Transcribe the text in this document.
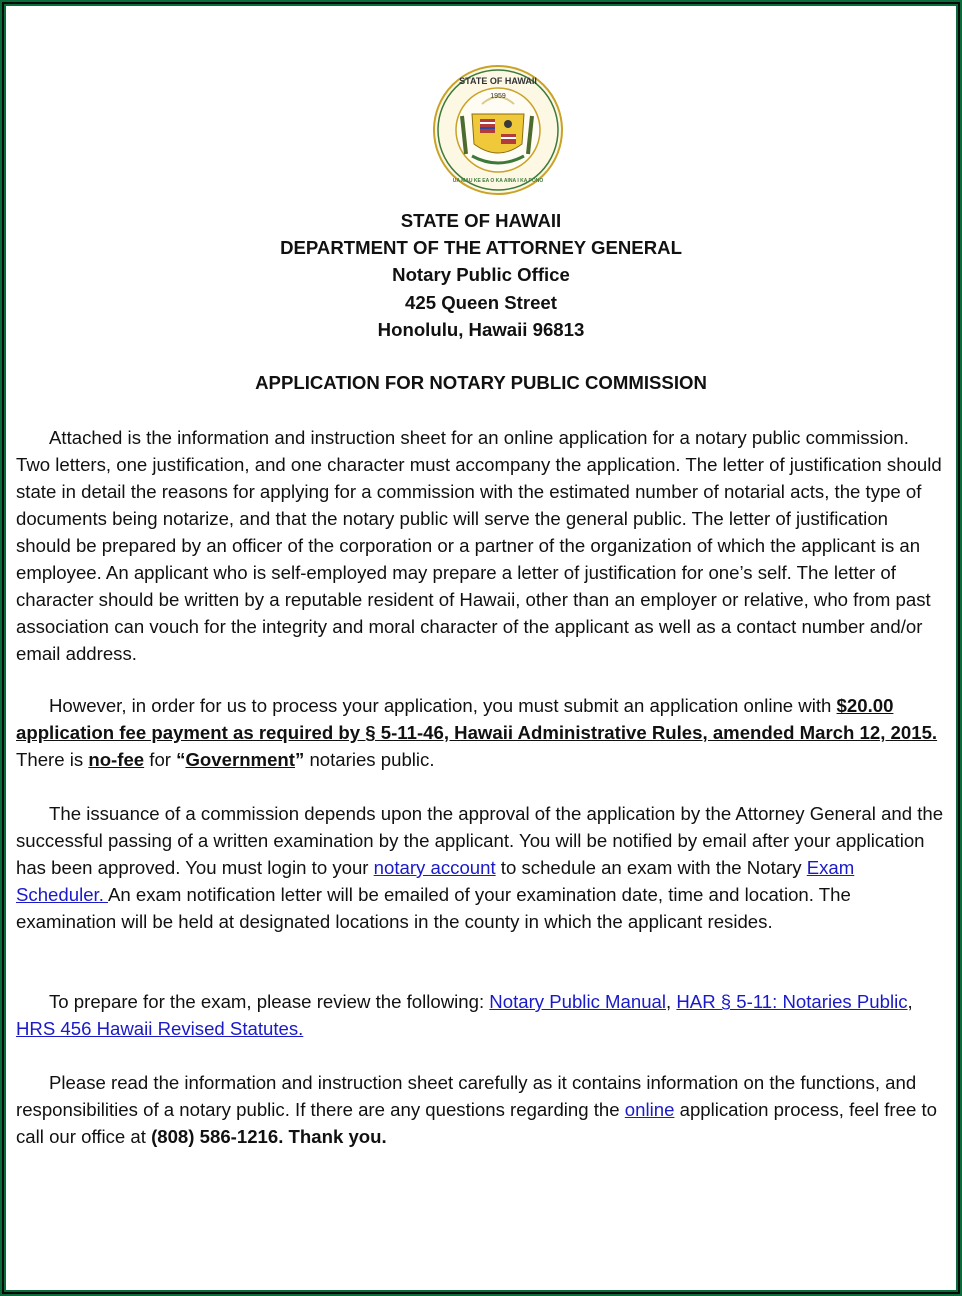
STATE OF HAWAII
1959
UA MAU KE EA O KA AINA I KA PONO
STATE OF HAWAII
DEPARTMENT OF THE ATTORNEY GENERAL
Notary Public Office
425 Queen Street
Honolulu, Hawaii 96813
APPLICATION FOR NOTARY PUBLIC COMMISSION

Attached is the information and instruction sheet for an online application for a notary public commission. Two letters, one justification, and one character must accompany the application. The letter of justification should state in detail the reasons for applying for a commission with the estimated number of notarial acts, the type of documents being notarize, and that the notary public will serve the general public. The letter of justification should be prepared by an officer of the corporation or a partner of the organization of which the applicant is an employee. An applicant who is self-employed may prepare a letter of justification for one’s self. The letter of character should be written by a reputable resident of Hawaii, other than an employer or relative, who from past association can vouch for the integrity and moral character of the applicant as well as a contact number and/or email address.

However, in order for us to process your application, you must submit an application online with $20.00 application fee payment as required by § 5-11-46, Hawaii Administrative Rules, amended March 12, 2015. There is no-fee for “Government” notaries public.

The issuance of a commission depends upon the approval of the application by the Attorney General and the successful passing of a written examination by the applicant. You will be notified by email after your application has been approved. You must login to your notary account to schedule an exam with the Notary Exam Scheduler. An exam notification letter will be emailed of your examination date, time and location. The examination will be held at designated locations in the county in which the applicant resides.

To prepare for the exam, please review the following: Notary Public Manual, HAR § 5-11: Notaries Public, HRS 456 Hawaii Revised Statutes.

Please read the information and instruction sheet carefully as it contains information on the functions, and responsibilities of a notary public. If there are any questions regarding the online application process, feel free to call our office at (808) 586-1216. Thank you.
